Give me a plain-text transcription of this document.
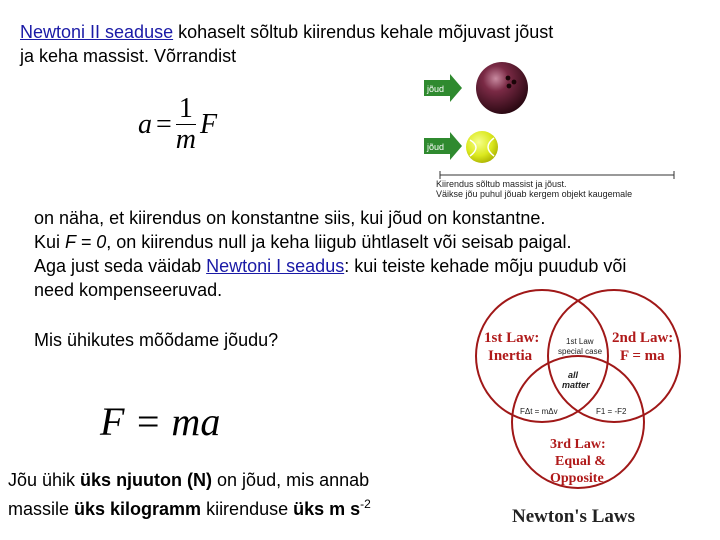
Newtoni II seaduse kohaselt sõltub kiirendus kehale mõjuvast jõust
ja keha massist. Võrrandist
$a = \frac{1}{m}$ F
jõud
jõud
Kiirendus sõltub massist ja jõust.
Väikse jõu puhul jõuab kergem objekt kaugemale
on näha, et kiirendus on konstantne siis, kui jõud on konstantne.
Kui F = 0, on kiirendus null ja keha liigub ühtlaselt või seisab paigal.
Aga just seda väidab Newtoni I seadus: kui teiste kehade mõju puudub või
need kompenseeruvad.
Mis ühikutes mõõdame jõudu?
F = ma
Jõu ühik üks njuuton (N) on jõud, mis annab
massile üks kilogramm kiirenduse üks m $s^{-2}$
1st Law:
Inertia
2nd Law:
F = ma
1st Law
special case
all
matter
FΔt = mΔv	F1 = -F2
3rd Law:
Equal &
Opposite
Newton's Laws
